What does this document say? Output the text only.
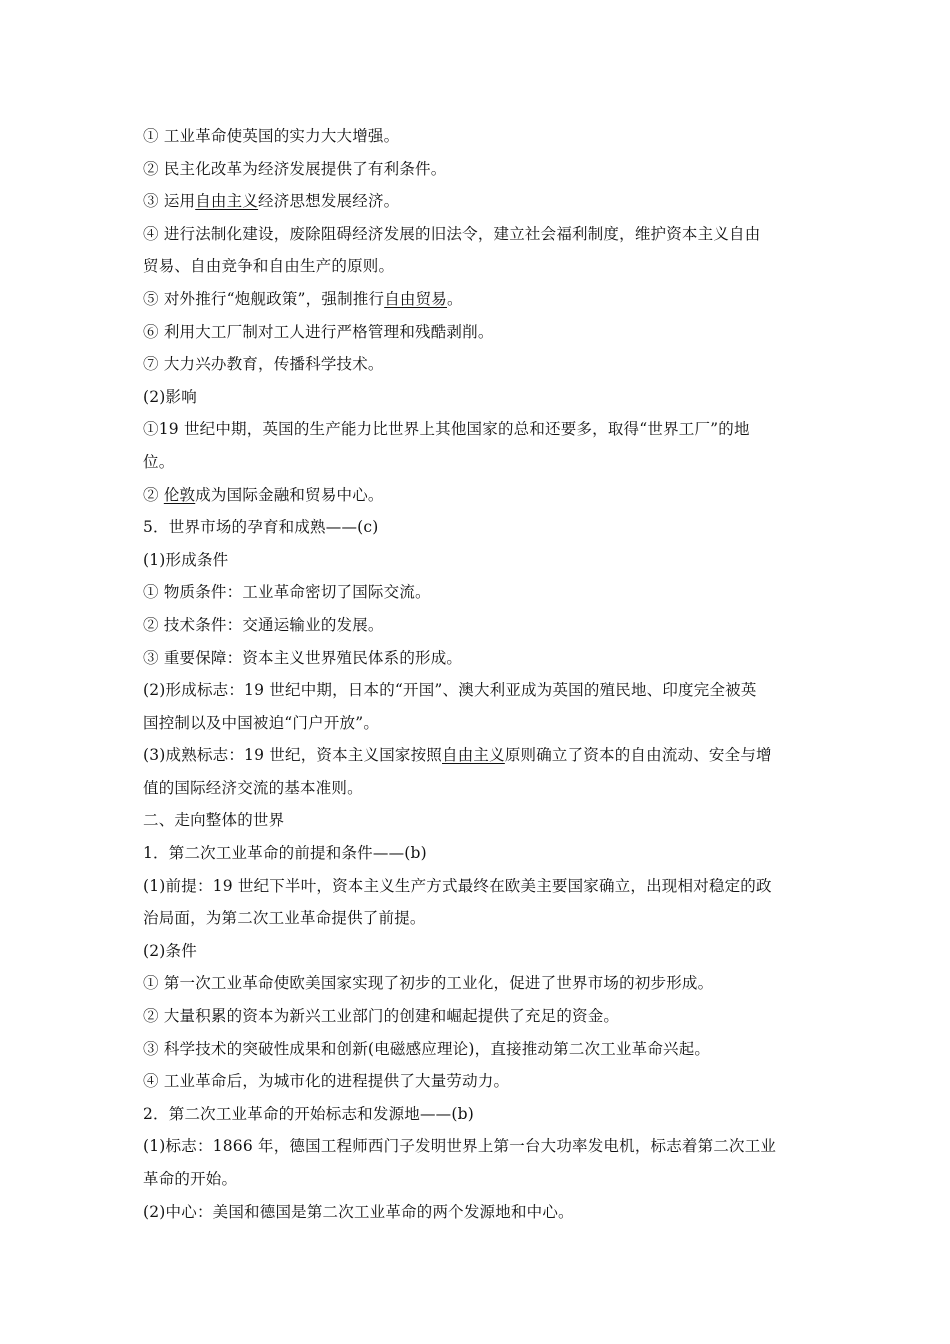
① 工业革命使英国的实力大大增强。
② 民主化改革为经济发展提供了有利条件。
③ 运用自由主义经济思想发展经济。
④ 进行法制化建设，废除阻碍经济发展的旧法令，建立社会福利制度，维护资本主义自由
贸易、自由竞争和自由生产的原则。
⑤ 对外推行“炮舰政策”，强制推行自由贸易。
⑥ 利用大工厂制对工人进行严格管理和残酷剥削。
⑦ 大力兴办教育，传播科学技术。
(2)影响
①19 世纪中期，英国的生产能力比世界上其他国家的总和还要多，取得“世界工厂”的地
位。
② 伦敦成为国际金融和贸易中心。
5．世界市场的孕育和成熟——(c)
(1)形成条件
① 物质条件：工业革命密切了国际交流。
② 技术条件：交通运输业的发展。
③ 重要保障：资本主义世界殖民体系的形成。
(2)形成标志：19 世纪中期，日本的“开国”、澳大利亚成为英国的殖民地、印度完全被英
国控制以及中国被迫“门户开放”。
(3)成熟标志：19 世纪，资本主义国家按照自由主义原则确立了资本的自由流动、安全与增
值的国际经济交流的基本准则。
二、走向整体的世界
1．第二次工业革命的前提和条件——(b)
(1)前提：19 世纪下半叶，资本主义生产方式最终在欧美主要国家确立，出现相对稳定的政
治局面，为第二次工业革命提供了前提。
(2)条件
① 第一次工业革命使欧美国家实现了初步的工业化，促进了世界市场的初步形成。
② 大量积累的资本为新兴工业部门的创建和崛起提供了充足的资金。
③ 科学技术的突破性成果和创新(电磁感应理论)，直接推动第二次工业革命兴起。
④ 工业革命后，为城市化的进程提供了大量劳动力。
2．第二次工业革命的开始标志和发源地——(b)
(1)标志：1866 年，德国工程师西门子发明世界上第一台大功率发电机，标志着第二次工业
革命的开始。
(2)中心：美国和德国是第二次工业革命的两个发源地和中心。
